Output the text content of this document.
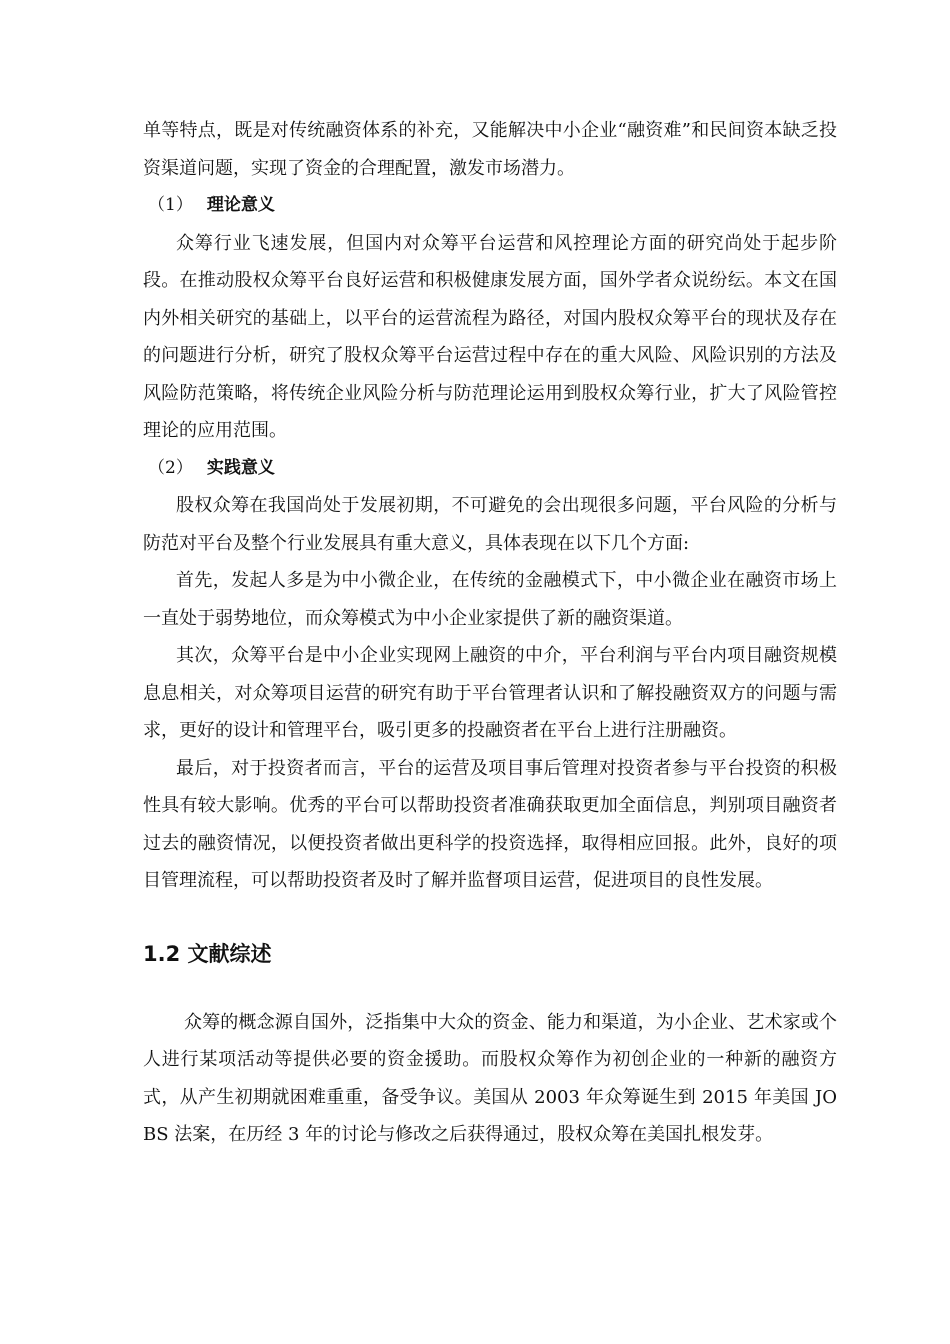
单等特点，既是对传统融资体系的补充，又能解决中小企业“融资难”和民间资本缺乏投资渠道问题，实现了资金的合理配置，激发市场潜力。

（1） 理论意义

众筹行业飞速发展，但国内对众筹平台运营和风控理论方面的研究尚处于起步阶段。在推动股权众筹平台良好运营和积极健康发展方面，国外学者众说纷纭。本文在国内外相关研究的基础上，以平台的运营流程为路径，对国内股权众筹平台的现状及存在的问题进行分析，研究了股权众筹平台运营过程中存在的重大风险、风险识别的方法及风险防范策略，将传统企业风险分析与防范理论运用到股权众筹行业，扩大了风险管控理论的应用范围。

（2） 实践意义

股权众筹在我国尚处于发展初期，不可避免的会出现很多问题，平台风险的分析与防范对平台及整个行业发展具有重大意义，具体表现在以下几个方面:

首先，发起人多是为中小微企业，在传统的金融模式下，中小微企业在融资市场上一直处于弱势地位，而众筹模式为中小企业家提供了新的融资渠道。

其次，众筹平台是中小企业实现网上融资的中介，平台利润与平台内项目融资规模息息相关，对众筹项目运营的研究有助于平台管理者认识和了解投融资双方的问题与需求，更好的设计和管理平台，吸引更多的投融资者在平台上进行注册融资。

最后，对于投资者而言，平台的运营及项目事后管理对投资者参与平台投资的积极性具有较大影响。优秀的平台可以帮助投资者准确获取更加全面信息，判别项目融资者过去的融资情况，以便投资者做出更科学的投资选择，取得相应回报。此外，良好的项目管理流程，可以帮助投资者及时了解并监督项目运营，促进项目的良性发展。

1.2 文献综述

众筹的概念源自国外，泛指集中大众的资金、能力和渠道，为小企业、艺术家或个人进行某项活动等提供必要的资金援助。而股权众筹作为初创企业的一种新的融资方式，从产生初期就困难重重，备受争议。美国从 2003 年众筹诞生到 2015 年美国 JOBS 法案，在历经 3 年的讨论与修改之后获得通过，股权众筹在美国扎根发芽。
